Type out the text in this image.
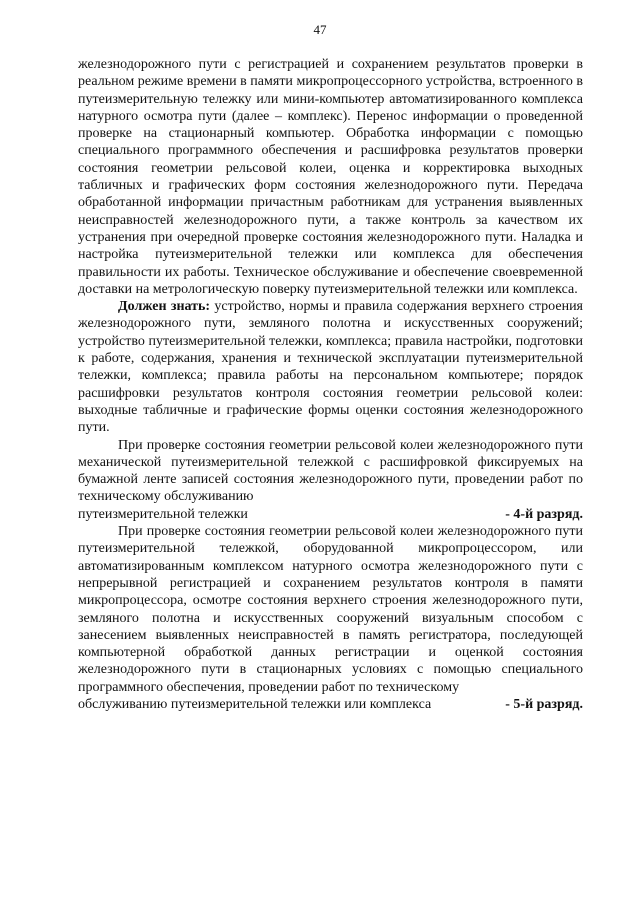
47

железнодорожного пути с регистрацией и сохранением результатов проверки в реальном режиме времени в памяти микропроцессорного устройства, встроенного в путеизмерительную тележку или мини-компьютер автоматизированного комплекса натурного осмотра пути (далее – комплекс). Перенос информации о проведенной проверке на стационарный компьютер. Обработка информации с помощью специального программного обеспечения и расшифровка результатов проверки состояния геометрии рельсовой колеи, оценка и корректировка выходных табличных и графических форм состояния железнодорожного пути. Передача обработанной информации причастным работникам для устранения выявленных неисправностей железнодорожного пути, а также контроль за качеством их устранения при очередной проверке состояния железнодорожного пути. Наладка и настройка путеизмерительной тележки или комплекса для обеспечения правильности их работы. Техническое обслуживание и обеспечение своевременной доставки на метрологическую поверку путеизмерительной тележки или комплекса.

Должен знать: устройство, нормы и правила содержания верхнего строения железнодорожного пути, земляного полотна и искусственных сооружений; устройство путеизмерительной тележки, комплекса; правила настройки, подготовки к работе, содержания, хранения и технической эксплуатации путеизмерительной тележки, комплекса; правила работы на персональном компьютере; порядок расшифровки результатов контроля состояния геометрии рельсовой колеи: выходные табличные и графические формы оценки состояния железнодорожного пути.

При проверке состояния геометрии рельсовой колеи железнодорожного пути механической путеизмерительной тележкой с расшифровкой фиксируемых на бумажной ленте записей состояния железнодорожного пути, проведении работ по техническому обслуживанию

путеизмерительной тележки	- 4-й разряд.

При проверке состояния геометрии рельсовой колеи железнодорожного пути путеизмерительной тележкой, оборудованной микропроцессором, или автоматизированным комплексом натурного осмотра железнодорожного пути с непрерывной регистрацией и сохранением результатов контроля в памяти микропроцессора, осмотре состояния верхнего строения железнодорожного пути, земляного полотна и искусственных сооружений визуальным способом с занесением выявленных неисправностей в память регистратора, последующей компьютерной обработкой данных регистрации и оценкой состояния железнодорожного пути в стационарных условиях с помощью специального программного обеспечения, проведении работ по техническому

обслуживанию путеизмерительной тележки или комплекса	- 5-й разряд.
